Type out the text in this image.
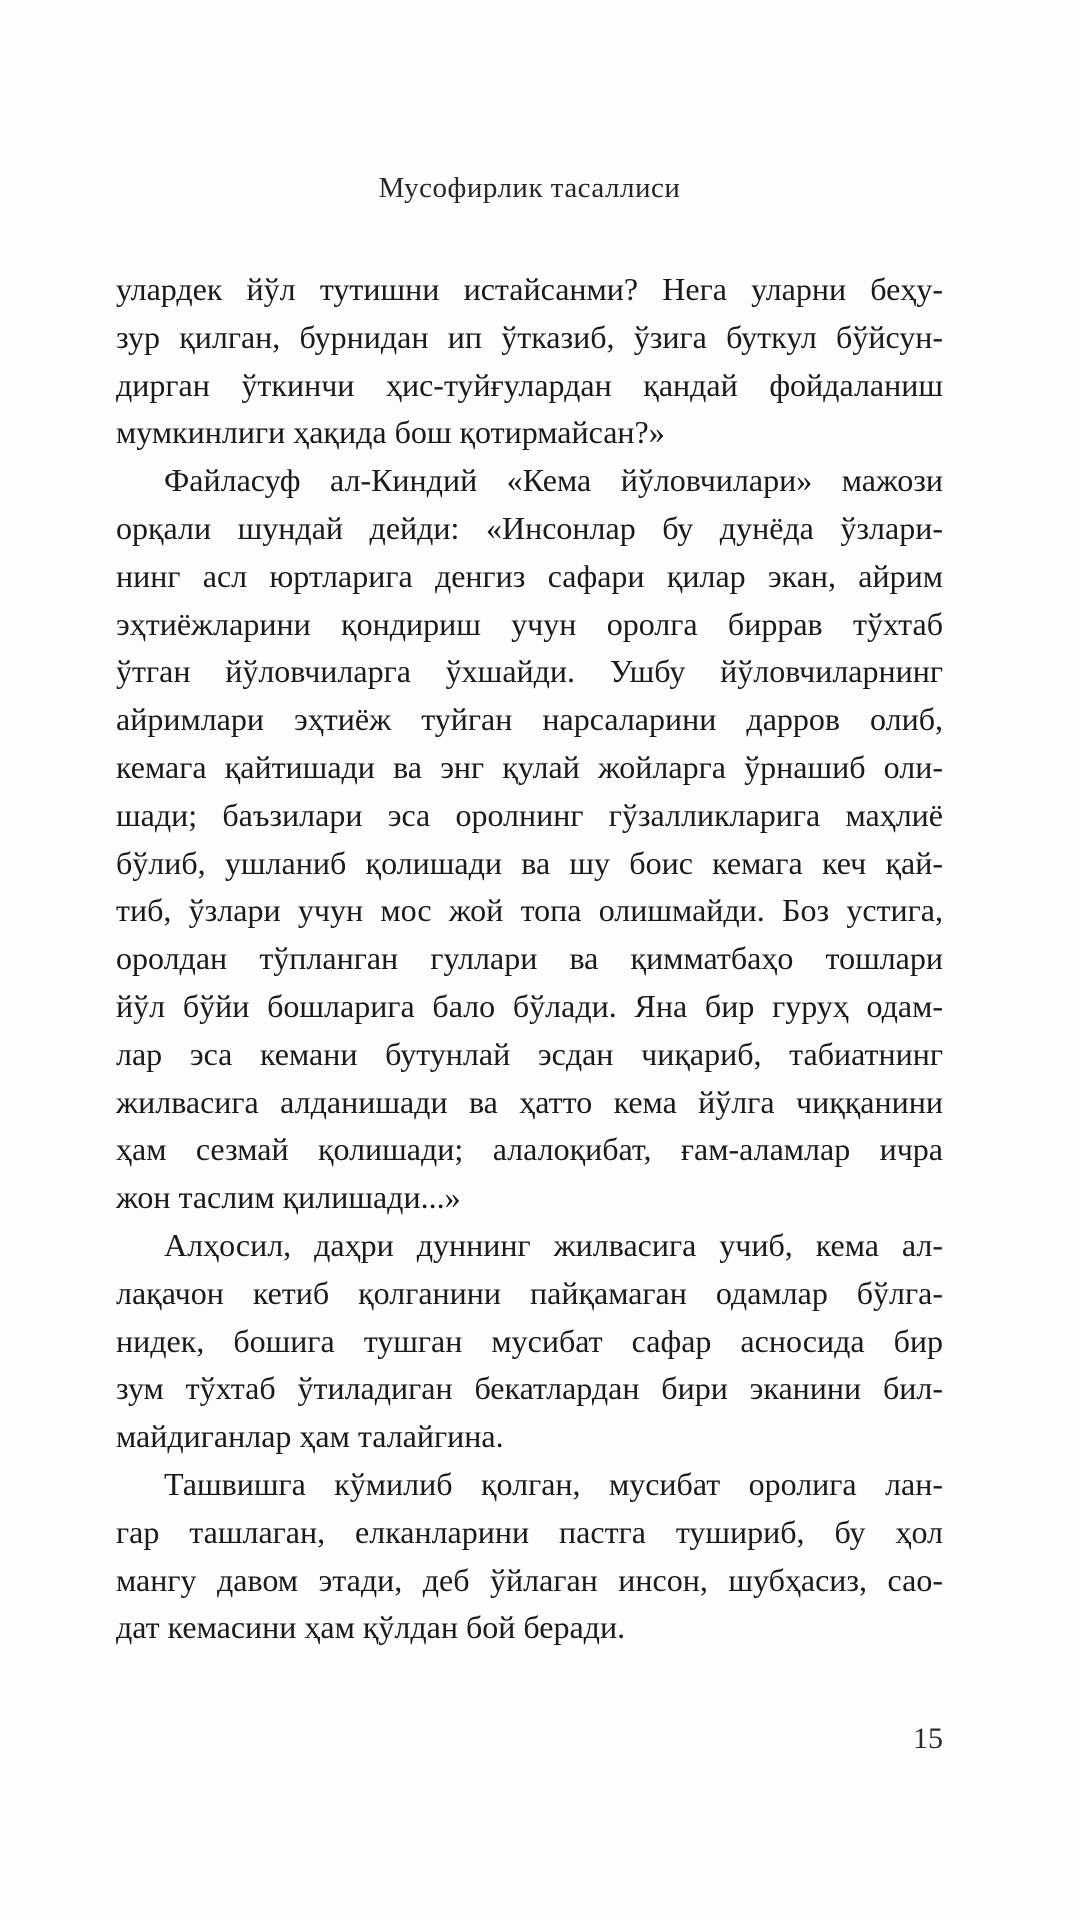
Мусофирлик тасаллиси
улардек йўл тутишни истайсанми? Нега уларни беҳу-
зур қилган, бурнидан ип ўтказиб, ўзига буткул бўйсун-
дирган ўткинчи ҳис-туйғулардан қандай фойдаланиш
мумкинлиги ҳақида бош қотирмайсан?»
Файласуф ал-Киндий «Кема йўловчилари» мажози
орқали шундай дейди: «Инсонлар бу дунёда ўзлари-
нинг асл юртларига денгиз сафари қилар экан, айрим
эҳтиёжларини қондириш учун оролга биррав тўхтаб
ўтган йўловчиларга ўхшайди. Ушбу йўловчиларнинг
айримлари эҳтиёж туйган нарсаларини дарров олиб,
кемага қайтишади ва энг қулай жойларга ўрнашиб оли-
шади; баъзилари эса оролнинг гўзалликларига маҳлиё
бўлиб, ушланиб қолишади ва шу боис кемага кеч қай-
тиб, ўзлари учун мос жой топа олишмайди. Боз устига,
оролдан тўпланган гуллари ва қимматбаҳо тошлари
йўл бўйи бошларига бало бўлади. Яна бир гуруҳ одам-
лар эса кемани бутунлай эсдан чиқариб, табиатнинг
жилвасига алданишади ва ҳатто кема йўлга чиққанини
ҳам сезмай қолишади; алалоқибат, ғам-аламлар ичра
жон таслим қилишади...»
Алҳосил, даҳри дуннинг жилвасига учиб, кема ал-
лақачон кетиб қолганини пайқамаган одамлар бўлга-
нидек, бошига тушган мусибат сафар асносида бир
зум тўхтаб ўтиладиган бекатлардан бири эканини бил-
майдиганлар ҳам талайгина.
Ташвишга кўмилиб қолган, мусибат оролига лан-
гар ташлаган, елканларини пастга тушириб, бу ҳол
мангу давом этади, деб ўйлаган инсон, шубҳасиз, сао-
дат кемасини ҳам қўлдан бой беради.
15
